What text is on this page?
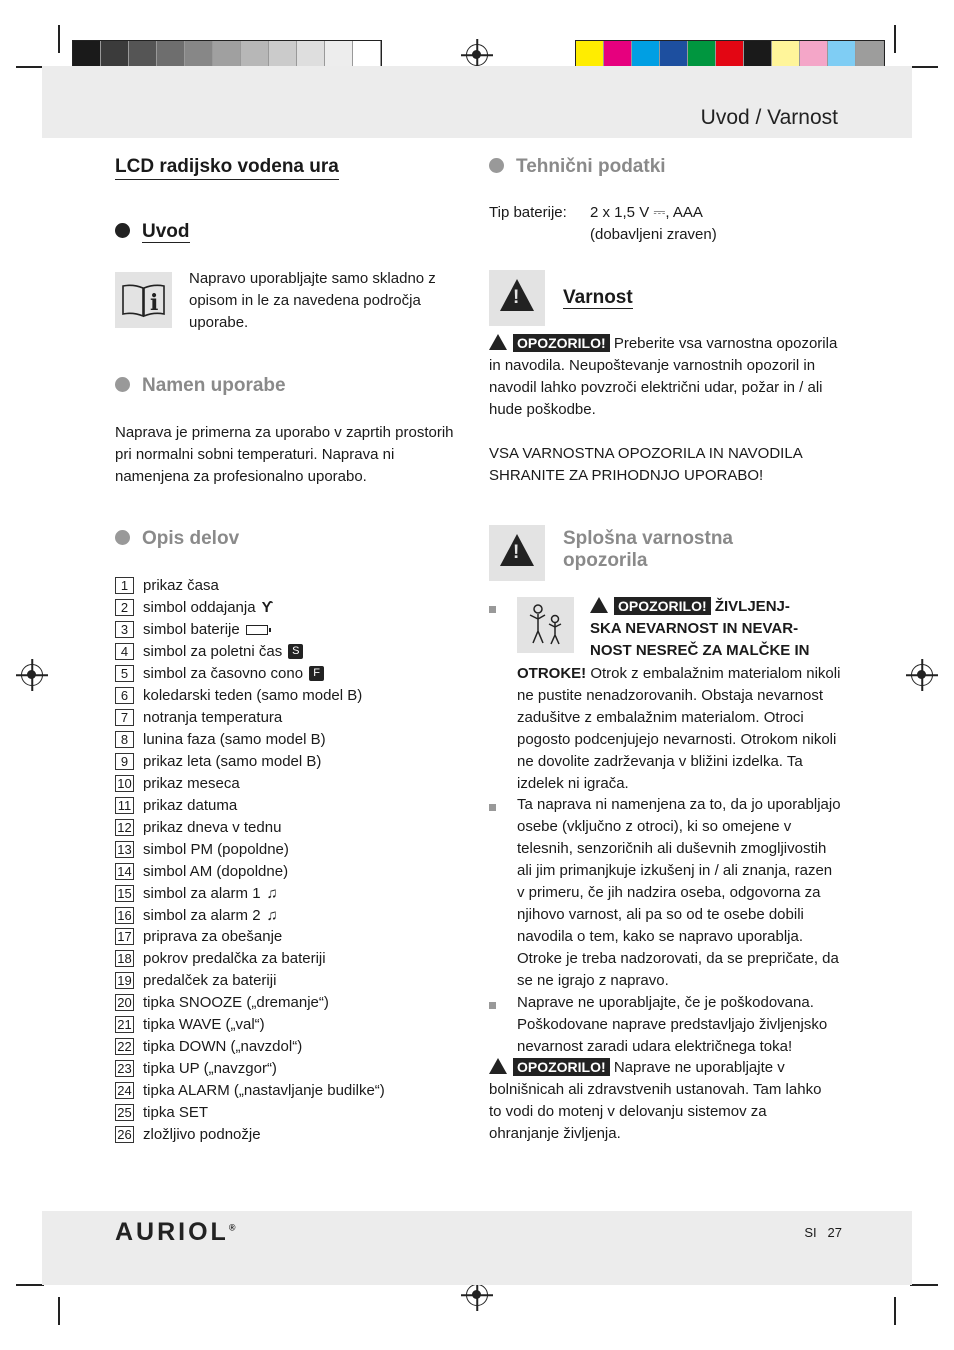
Uvod / Varnost
LCD radijsko vodena ura
Uvod
i
Napravo uporabljajte samo skladno z opisom in le za navedena področja uporabe.
Namen uporabe
Naprava je primerna za uporabo v zaprtih prostorih pri normalni sobni temperaturi. Naprava ni namenjena za profesionalno uporabo.
Opis delov
1 prikaz časa
2 simbol oddajanja ϒ
3 simbol baterije
4 simbol za poletni čas S
5 simbol za časovno cono F
6 koledarski teden (samo model B)
7 notranja temperatura
8 lunina faza (samo model B)
9 prikaz leta (samo model B)
10 prikaz meseca
11 prikaz datuma
12 prikaz dneva v tednu
13 simbol PM (popoldne)
14 simbol AM (dopoldne)
15 simbol za alarm 1 ♫
16 simbol za alarm 2 ♫
17 priprava za obešanje
18 pokrov predalčka za bateriji
19 predalček za bateriji
20 tipka SNOOZE („dremanje“)
21 tipka WAVE („val“)
22 tipka DOWN („navzdol“)
23 tipka UP („navzgor“)
24 tipka ALARM („nastavljanje budilke“)
25 tipka SET
26 zložljivo podnožje
Tehnični podatki
Tip baterije: 2 x 1,5 V ⎓, AAA

(dobavljeni zraven)

!
Varnost
OPOZORILO! Preberite vsa varnostna opozorila in navodila. Neupoštevanje varnostnih opozoril in navodil lahko povzroči električni udar, požar in / ali hude poškodbe.
VSA VARNOSTNA OPOZORILA IN NAVODILA SHRANITE ZA PRIHODNJO UPORABO!
!

Splošna varnostna

opozorila

OPOZORILO! ŽIVLJENJ-

SKA NEVARNOST IN NEVAR-

NOST NESREČ ZA MALČKE IN

OTROKE! Otrok z embalažnim materialom nikoli ne pustite nenadzorovanih. Obstaja nevarnost zadušitve z embalažnim materialom. Otroci pogosto podcenjujejo nevarnosti. Otrokom nikoli ne dovolite zadrževanja v bližini izdelka. Ta izdelek ni igrača.
Ta naprava ni namenjena za to, da jo uporabljajo osebe (vključno z otroci), ki so omejene v telesnih, senzoričnih ali duševnih zmogljivostih ali jim primanjkuje izkušenj in / ali znanja, razen v primeru, če jih nadzira oseba, odgovorna za njihovo varnost, ali pa so od te osebe dobili navodila o tem, kako se napravo uporablja. Otroke je treba nadzorovati, da se prepričate, da se ne igrajo z napravo.
Naprave ne uporabljajte, če je poškodovana. Poškodovane naprave predstavljajo življenjsko nevarnost zaradi udara električnega toka!
OPOZORILO! Naprave ne uporabljajte v bolnišnicah ali zdravstvenih ustanovah. Tam lahko to vodi do motenj v delovanju sistemov za ohranjanje življenja.
AURIOL®	SI 27
